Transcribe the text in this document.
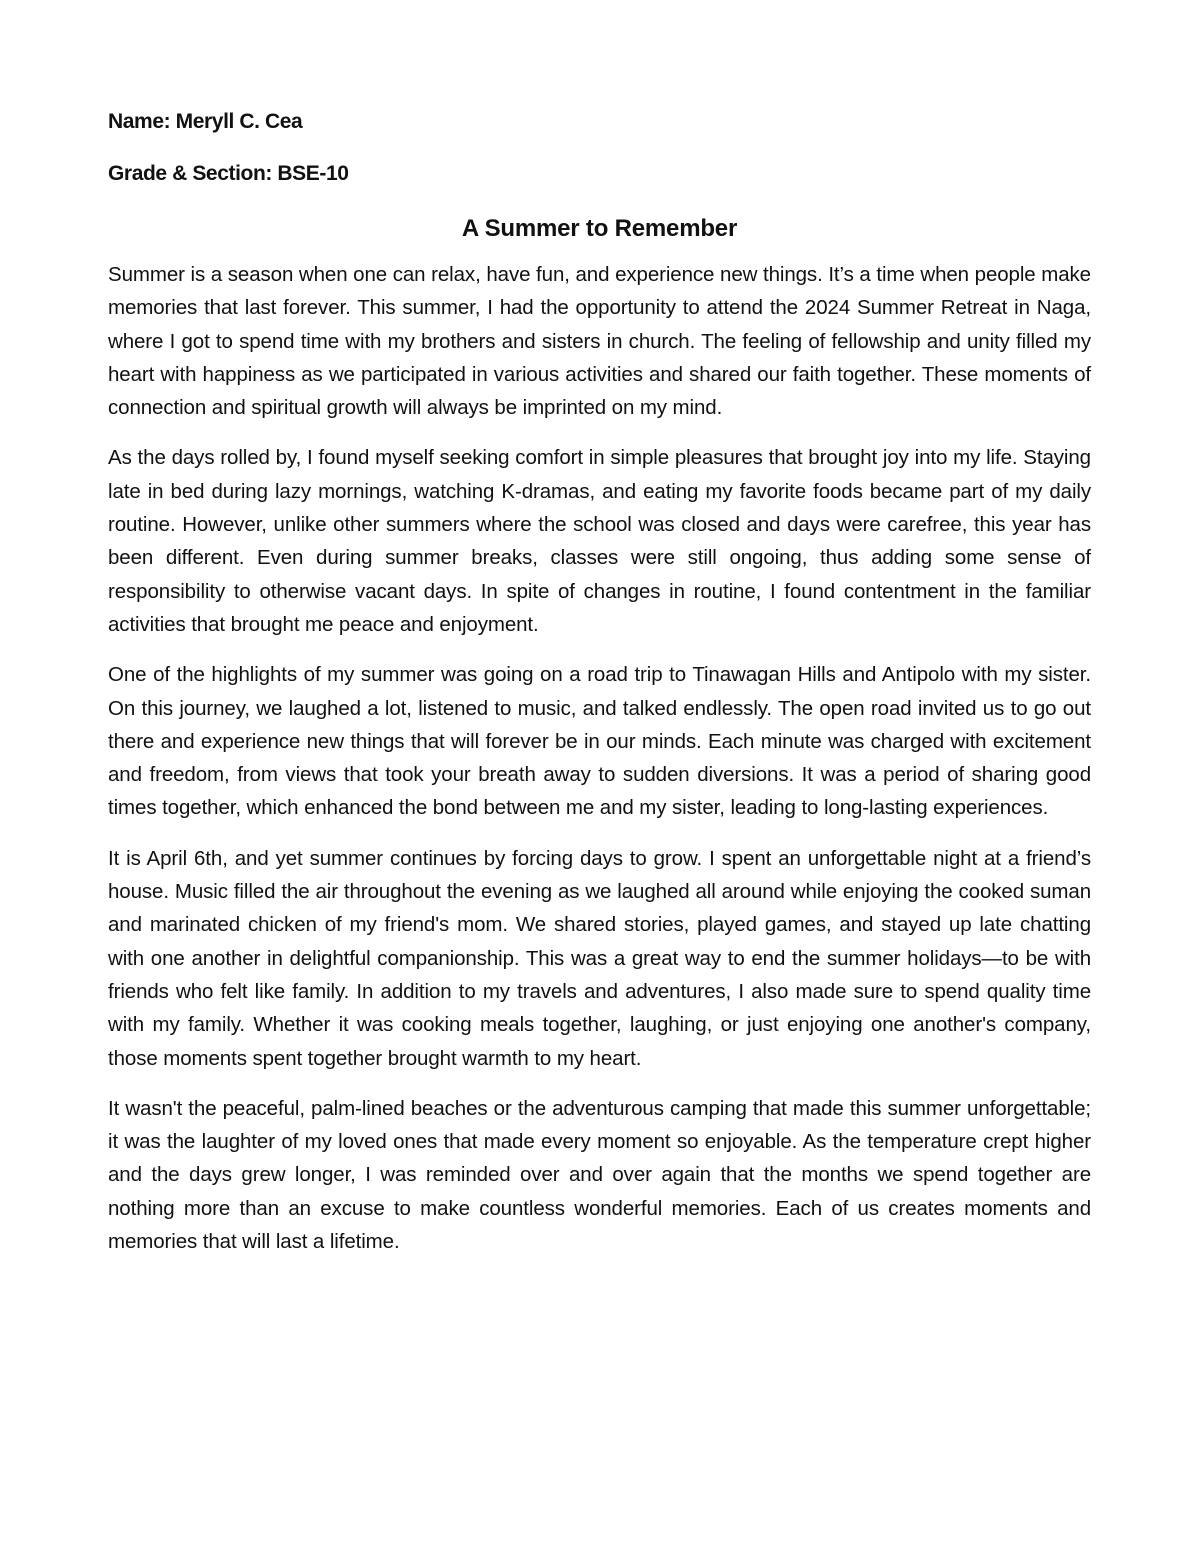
Name: Meryll C. Cea

Grade & Section: BSE-10

A Summer to Remember

Summer is a season when one can relax, have fun, and experience new things. It’s a time when people make memories that last forever. This summer, I had the opportunity to attend the 2024 Summer Retreat in Naga, where I got to spend time with my brothers and sisters in church. The feeling of fellowship and unity filled my heart with happiness as we participated in various activities and shared our faith together. These moments of connection and spiritual growth will always be imprinted on my mind.

As the days rolled by, I found myself seeking comfort in simple pleasures that brought joy into my life. Staying late in bed during lazy mornings, watching K-dramas, and eating my favorite foods became part of my daily routine. However, unlike other summers where the school was closed and days were carefree, this year has been different. Even during summer breaks, classes were still ongoing, thus adding some sense of responsibility to otherwise vacant days. In spite of changes in routine, I found contentment in the familiar activities that brought me peace and enjoyment.

One of the highlights of my summer was going on a road trip to Tinawagan Hills and Antipolo with my sister. On this journey, we laughed a lot, listened to music, and talked endlessly. The open road invited us to go out there and experience new things that will forever be in our minds. Each minute was charged with excitement and freedom, from views that took your breath away to sudden diversions. It was a period of sharing good times together, which enhanced the bond between me and my sister, leading to long-lasting experiences.

It is April 6th, and yet summer continues by forcing days to grow. I spent an unforgettable night at a friend’s house. Music filled the air throughout the evening as we laughed all around while enjoying the cooked suman and marinated chicken of my friend's mom. We shared stories, played games, and stayed up late chatting with one another in delightful companionship. This was a great way to end the summer holidays—to be with friends who felt like family. In addition to my travels and adventures, I also made sure to spend quality time with my family. Whether it was cooking meals together, laughing, or just enjoying one another's company, those moments spent together brought warmth to my heart.

It wasn't the peaceful, palm-lined beaches or the adventurous camping that made this summer unforgettable; it was the laughter of my loved ones that made every moment so enjoyable. As the temperature crept higher and the days grew longer, I was reminded over and over again that the months we spend together are nothing more than an excuse to make countless wonderful memories. Each of us creates moments and memories that will last a lifetime.
